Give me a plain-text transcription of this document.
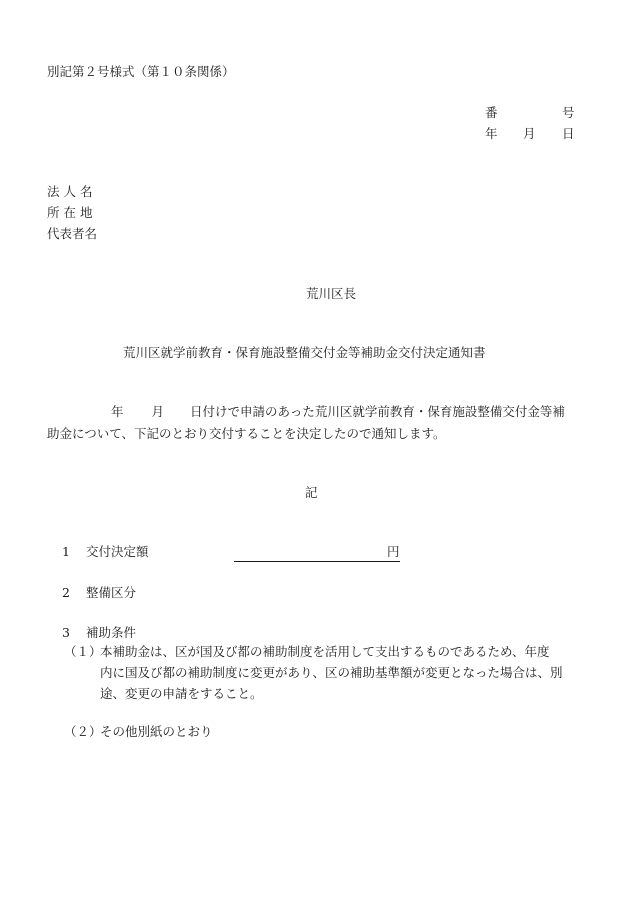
別記第２号様式（第１０条関係）
番	号
年 月 日
法 人 名
所 在 地
代表者名
荒川区長
荒川区就学前教育・保育施設整備交付金等補助金交付決定通知書
年 月 日付けで申請のあった荒川区就学前教育・保育施設整備交付金等補
助金について、下記のとおり交付することを決定したので通知します。
記
1 交付決定額	円
2 整備区分
3 補助条件
（１）
本補助金は、区が国及び都の補助制度を活用して支出するものであるため、年度
内に国及び都の補助制度に変更があり、区の補助基準額が変更となった場合は、別
途、変更の申請をすること。
（２）
その他別紙のとおり
